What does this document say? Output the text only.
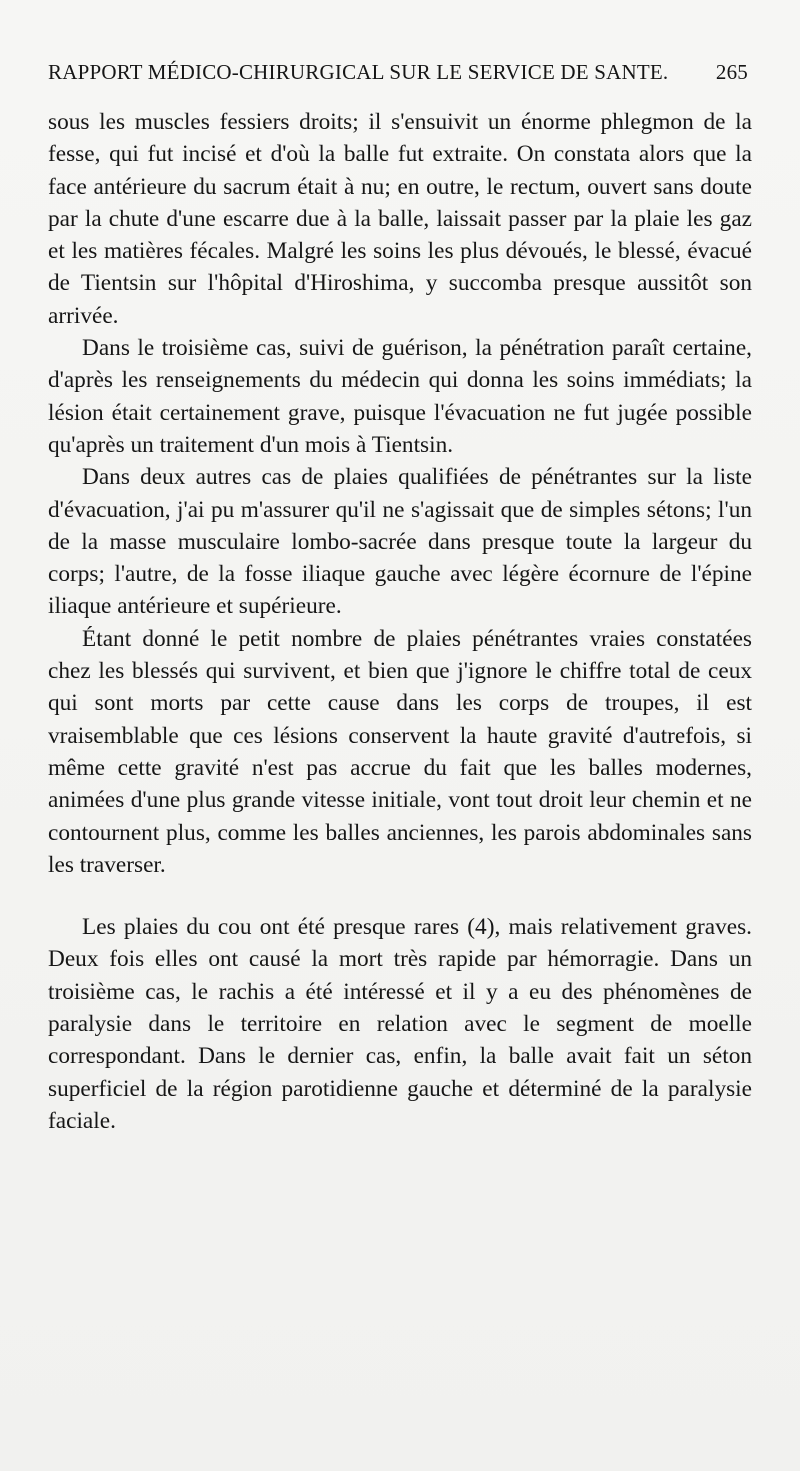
RAPPORT MÉDICO-CHIRURGICAL SUR LE SERVICE DE SANTE. 265

sous les muscles fessiers droits; il s'ensuivit un énorme phlegmon de la fesse, qui fut incisé et d'où la balle fut extraite. On constata alors que la face antérieure du sacrum était à nu; en outre, le rectum, ouvert sans doute par la chute d'une escarre due à la balle, laissait passer par la plaie les gaz et les matières fécales. Malgré les soins les plus dévoués, le blessé, évacué de Tientsin sur l'hôpital d'Hiroshima, y succomba presque aussitôt son arrivée.

Dans le troisième cas, suivi de guérison, la pénétration paraît certaine, d'après les renseignements du médecin qui donna les soins immédiats; la lésion était certainement grave, puisque l'évacuation ne fut jugée possible qu'après un traitement d'un mois à Tientsin.

Dans deux autres cas de plaies qualifiées de pénétrantes sur la liste d'évacuation, j'ai pu m'assurer qu'il ne s'agissait que de simples sétons; l'un de la masse musculaire lombo-sacrée dans presque toute la largeur du corps; l'autre, de la fosse iliaque gauche avec légère écornure de l'épine iliaque antérieure et supérieure.

Étant donné le petit nombre de plaies pénétrantes vraies constatées chez les blessés qui survivent, et bien que j'ignore le chiffre total de ceux qui sont morts par cette cause dans les corps de troupes, il est vraisemblable que ces lésions conservent la haute gravité d'autrefois, si même cette gravité n'est pas accrue du fait que les balles modernes, animées d'une plus grande vitesse initiale, vont tout droit leur chemin et ne contournent plus, comme les balles anciennes, les parois abdominales sans les traverser.

Les plaies du cou ont été presque rares (4), mais relativement graves. Deux fois elles ont causé la mort très rapide par hémorragie. Dans un troisième cas, le rachis a été intéressé et il y a eu des phénomènes de paralysie dans le territoire en relation avec le segment de moelle correspondant. Dans le dernier cas, enfin, la balle avait fait un séton superficiel de la région parotidienne gauche et déterminé de la paralysie faciale.
